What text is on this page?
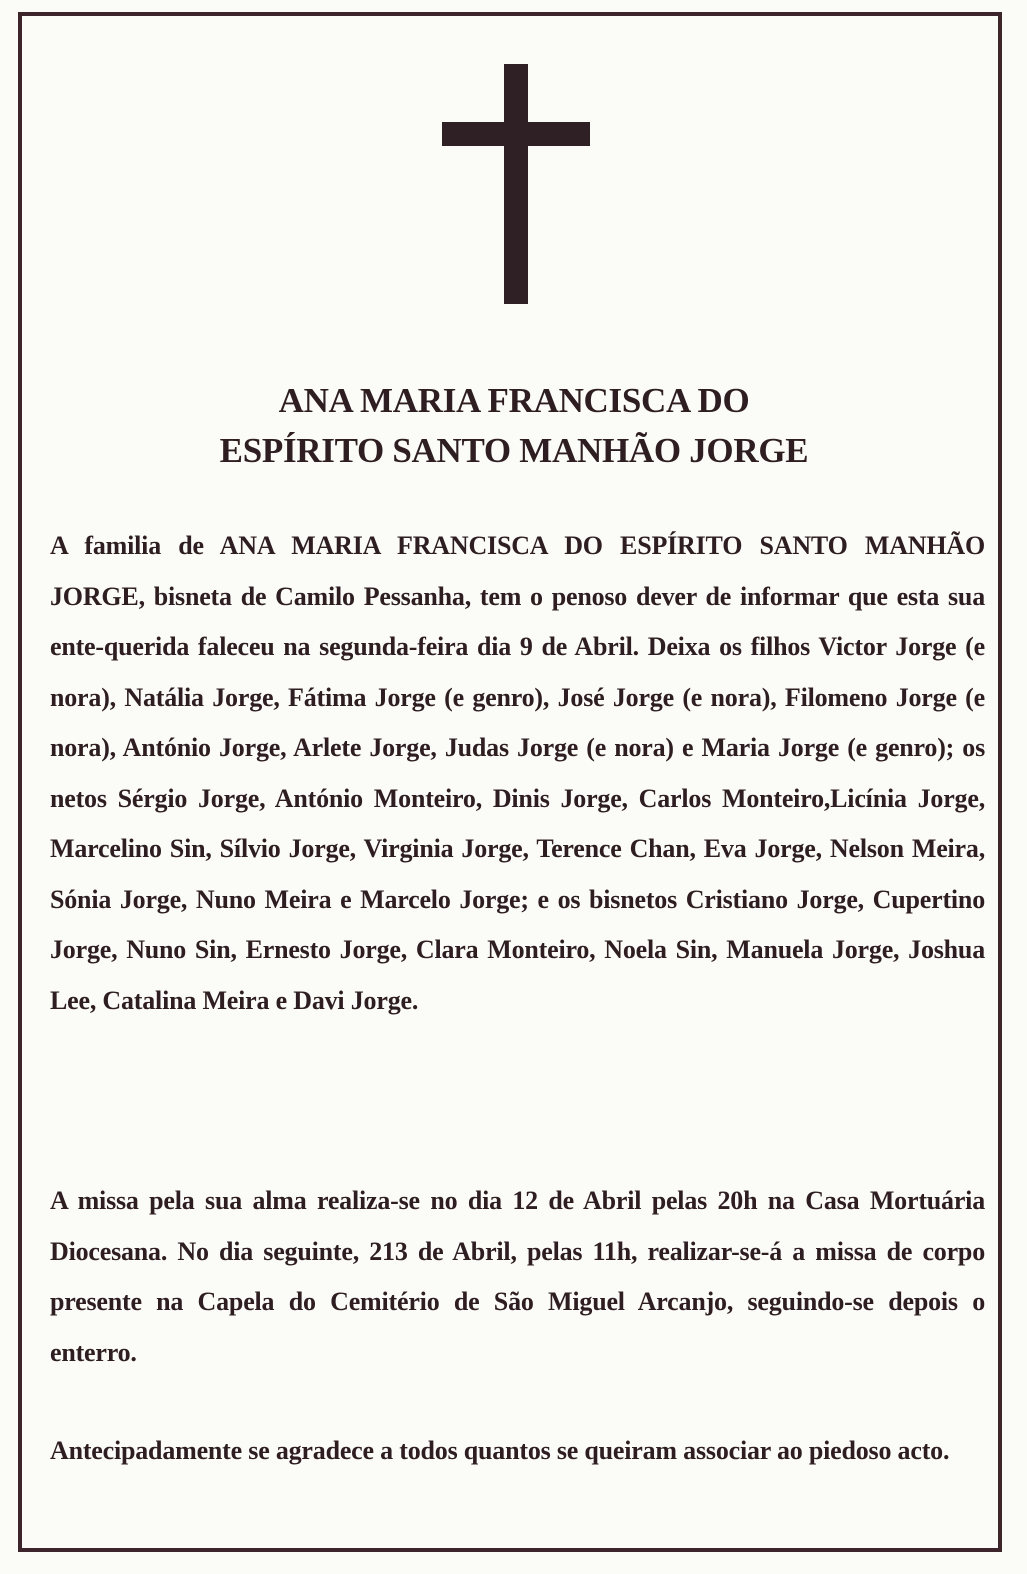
ANA MARIA FRANCISCA DO
ESPÍRITO SANTO MANHÃO JORGE

A familia de ANA MARIA FRANCISCA DO ESPÍRITO SANTO MANHÃO JORGE, bisneta de Camilo Pessanha, tem o penoso dever de informar que esta sua ente-querida faleceu na segunda-feira dia 9 de Abril. Deixa os filhos Victor Jorge (e nora), Natália Jorge, Fátima Jorge (e genro), José Jorge (e nora), Filomeno Jorge (e nora), António Jorge, Arlete Jorge, Judas Jorge (e nora) e Maria Jorge (e genro); os netos Sérgio Jorge, António Monteiro, Dinis Jorge, Carlos Monteiro,Licínia Jorge, Marcelino Sin, Sílvio Jorge, Virginia Jorge, Terence Chan, Eva Jorge, Nelson Meira, Sónia Jorge, Nuno Meira e Marcelo Jorge; e os bisnetos Cristiano Jorge, Cupertino Jorge, Nuno Sin, Ernesto Jorge, Clara Monteiro, Noela Sin, Manuela Jorge, Joshua Lee, Catalina Meira e Davi Jorge.

A missa pela sua alma realiza-se no dia 12 de Abril pelas 20h na Casa Mortuária Diocesana. No dia seguinte, 213 de Abril, pelas 11h, realizar-se-á a missa de corpo presente na Capela do Cemitério de São Miguel Arcanjo, seguindo-se depois o enterro.

Antecipadamente se agradece a todos quantos se queiram associar ao piedoso acto.
